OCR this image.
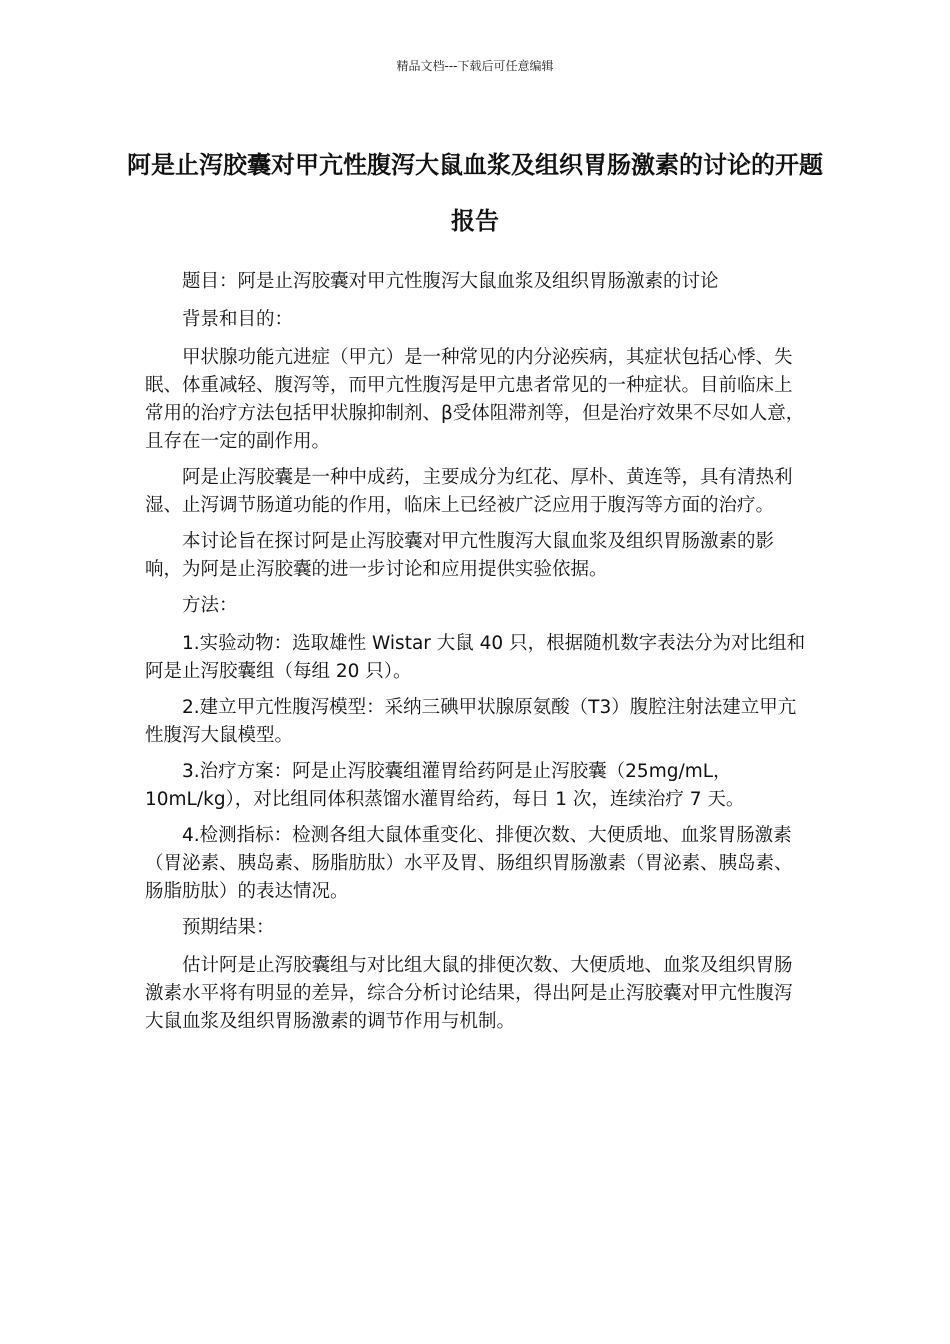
精品文档---下载后可任意编辑
阿是止泻胶囊对甲亢性腹泻大鼠血浆及组织胃肠激素的讨论的开题报告

题目：阿是止泻胶囊对甲亢性腹泻大鼠血浆及组织胃肠激素的讨论

背景和目的：

甲状腺功能亢进症（甲亢）是一种常见的内分泌疾病，其症状包括心悸、失眠、体重减轻、腹泻等，而甲亢性腹泻是甲亢患者常见的一种症状。目前临床上常用的治疗方法包括甲状腺抑制剂、β受体阻滞剂等，但是治疗效果不尽如人意，且存在一定的副作用。

阿是止泻胶囊是一种中成药，主要成分为红花、厚朴、黄连等，具有清热利湿、止泻调节肠道功能的作用，临床上已经被广泛应用于腹泻等方面的治疗。

本讨论旨在探讨阿是止泻胶囊对甲亢性腹泻大鼠血浆及组织胃肠激素的影响，为阿是止泻胶囊的进一步讨论和应用提供实验依据。

方法：

1.实验动物：选取雄性 Wistar 大鼠 40 只，根据随机数字表法分为对比组和阿是止泻胶囊组（每组 20 只）。

2.建立甲亢性腹泻模型：采纳三碘甲状腺原氨酸（T3）腹腔注射法建立甲亢性腹泻大鼠模型。

3.治疗方案：阿是止泻胶囊组灌胃给药阿是止泻胶囊（25mg/mL，10mL/kg），对比组同体积蒸馏水灌胃给药，每日 1 次，连续治疗 7 天。

4.检测指标：检测各组大鼠体重变化、排便次数、大便质地、血浆胃肠激素（胃泌素、胰岛素、肠脂肪肽）水平及胃、肠组织胃肠激素（胃泌素、胰岛素、肠脂肪肽）的表达情况。

预期结果：

估计阿是止泻胶囊组与对比组大鼠的排便次数、大便质地、血浆及组织胃肠激素水平将有明显的差异，综合分析讨论结果，得出阿是止泻胶囊对甲亢性腹泻大鼠血浆及组织胃肠激素的调节作用与机制。
